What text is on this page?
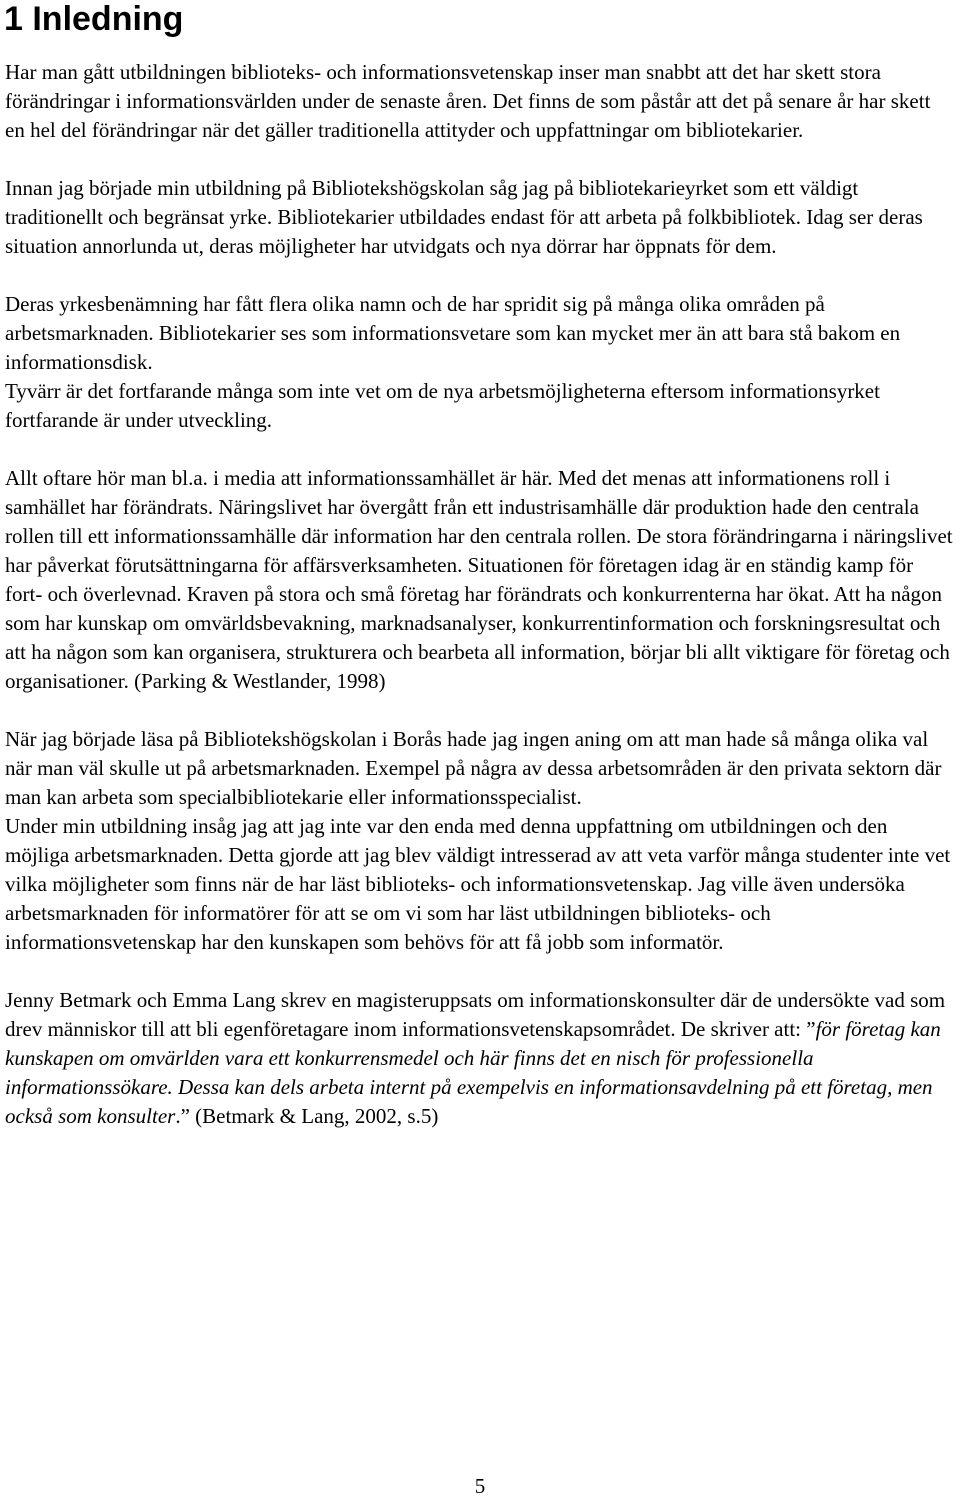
1 Inledning

Har man gått utbildningen biblioteks- och informationsvetenskap inser man snabbt att det har skett stora förändringar i informationsvärlden under de senaste åren. Det finns de som påstår att det på senare år har skett en hel del förändringar när det gäller traditionella attityder och uppfattningar om bibliotekarier.

Innan jag började min utbildning på Bibliotekshögskolan såg jag på bibliotekarieyrket som ett väldigt traditionellt och begränsat yrke. Bibliotekarier utbildades endast för att arbeta på folkbibliotek. Idag ser deras situation annorlunda ut, deras möjligheter har utvidgats och nya dörrar har öppnats för dem.

Deras yrkesbenämning har fått flera olika namn och de har spridit sig på många olika områden på arbetsmarknaden. Bibliotekarier ses som informationsvetare som kan mycket mer än att bara stå bakom en informationsdisk.

Tyvärr är det fortfarande många som inte vet om de nya arbetsmöjligheterna eftersom informationsyrket fortfarande är under utveckling.

Allt oftare hör man bl.a. i media att informationssamhället är här. Med det menas att informationens roll i samhället har förändrats. Näringslivet har övergått från ett industrisamhälle där produktion hade den centrala rollen till ett informationssamhälle där information har den centrala rollen. De stora förändringarna i näringslivet har påverkat förutsättningarna för affärsverksamheten. Situationen för företagen idag är en ständig kamp för fort- och överlevnad. Kraven på stora och små företag har förändrats och konkurrenterna har ökat. Att ha någon som har kunskap om omvärldsbevakning, marknadsanalyser, konkurrentinformation och forskningsresultat och att ha någon som kan organisera, strukturera och bearbeta all information, börjar bli allt viktigare för företag och organisationer. (Parking & Westlander, 1998)

När jag började läsa på Bibliotekshögskolan i Borås hade jag ingen aning om att man hade så många olika val när man väl skulle ut på arbetsmarknaden. Exempel på några av dessa arbetsområden är den privata sektorn där man kan arbeta som specialbibliotekarie eller informationsspecialist.

Under min utbildning insåg jag att jag inte var den enda med denna uppfattning om utbildningen och den möjliga arbetsmarknaden. Detta gjorde att jag blev väldigt intresserad av att veta varför många studenter inte vet vilka möjligheter som finns när de har läst biblioteks- och informationsvetenskap. Jag ville även undersöka arbetsmarknaden för informatörer för att se om vi som har läst utbildningen biblioteks- och informationsvetenskap har den kunskapen som behövs för att få jobb som informatör.

Jenny Betmark och Emma Lang skrev en magisteruppsats om informationskonsulter där de undersökte vad som drev människor till att bli egenföretagare inom informationsvetenskapsområdet. De skriver att: ”för företag kan kunskapen om omvärlden vara ett konkurrensmedel och här finns det en nisch för professionella informationssökare. Dessa kan dels arbeta internt på exempelvis en informationsavdelning på ett företag, men också som konsulter.” (Betmark & Lang, 2002, s.5)

5
